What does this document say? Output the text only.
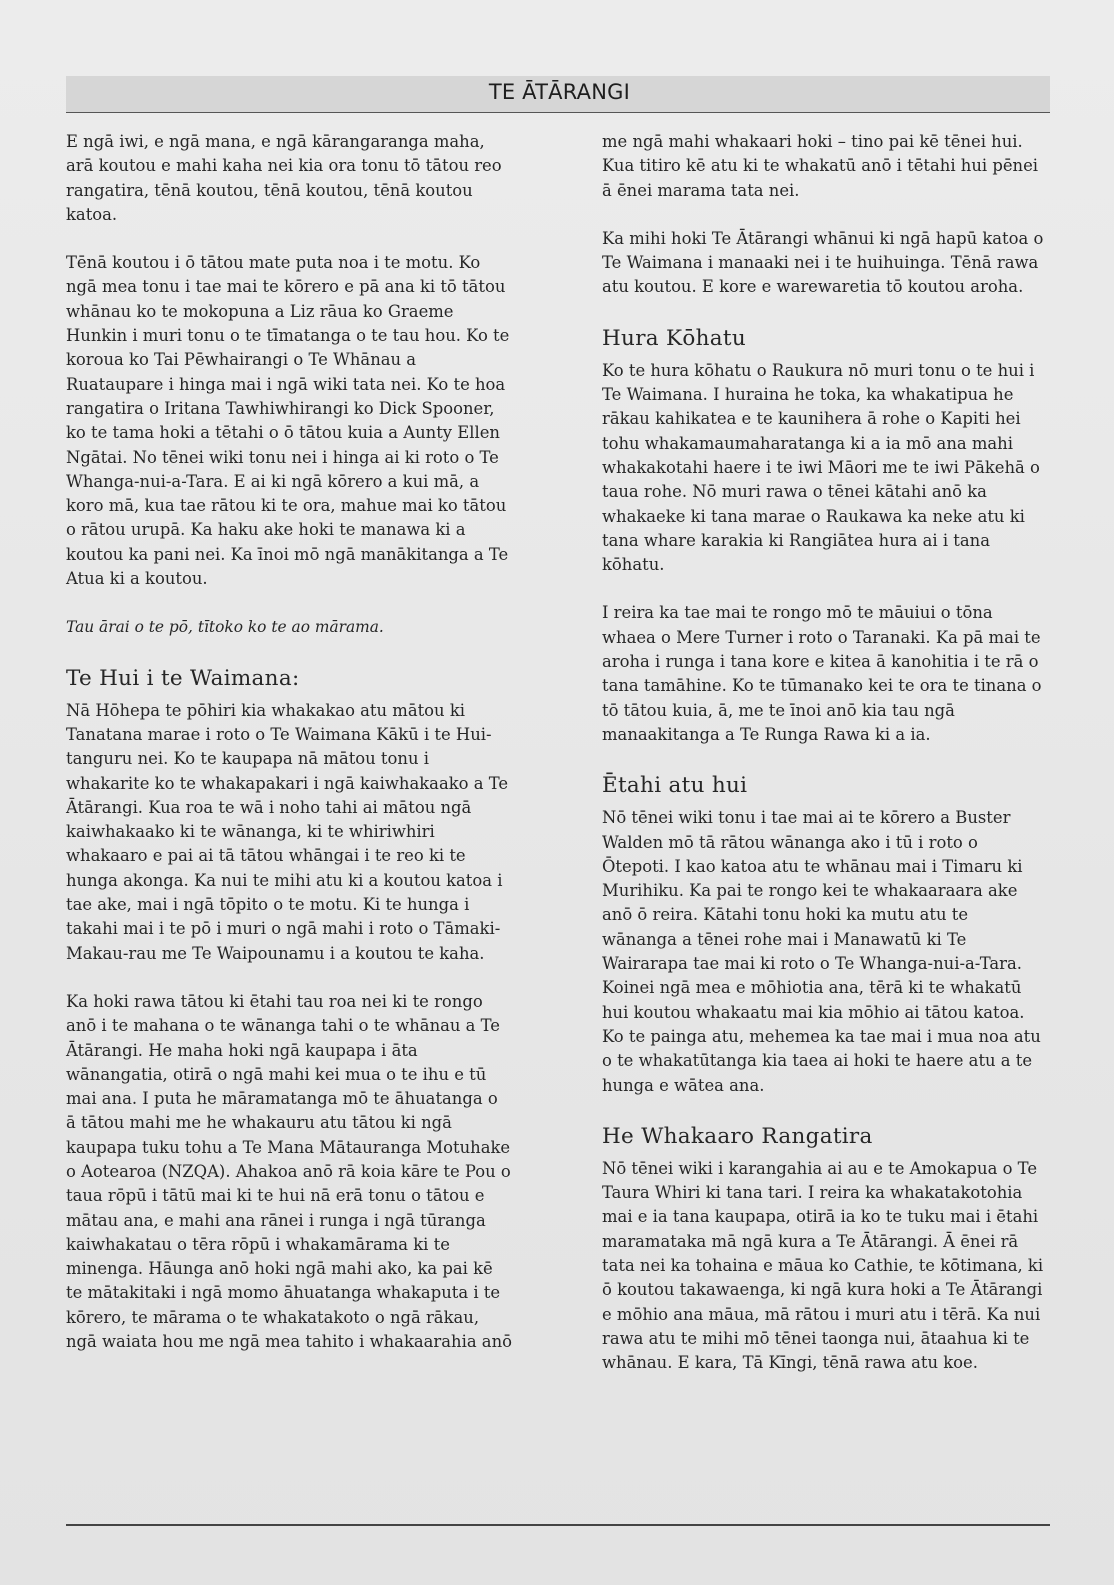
TE ĀTĀRANGI

E ngā iwi, e ngā mana, e ngā kārangaranga maha, arā koutou e mahi kaha nei kia ora tonu tō tātou reo rangatira, tēnā koutou, tēnā koutou, tēnā koutou katoa.

Tēnā koutou i ō tātou mate puta noa i te motu. Ko ngā mea tonu i tae mai te kōrero e pā ana ki tō tātou whānau ko te mokopuna a Liz rāua ko Graeme Hunkin i muri tonu o te tīmatanga o te tau hou. Ko te koroua ko Tai Pēwhairangi o Te Whānau a Ruataupare i hinga mai i ngā wiki tata nei. Ko te hoa rangatira o Iritana Tawhiwhirangi ko Dick Spooner, ko te tama hoki a tētahi o ō tātou kuia a Aunty Ellen Ngātai. No tēnei wiki tonu nei i hinga ai ki roto o Te Whanga-nui-a-Tara. E ai ki ngā kōrero a kui mā, a koro mā, kua tae rātou ki te ora, mahue mai ko tātou o rātou urupā. Ka haku ake hoki te manawa ki a koutou ka pani nei. Ka īnoi mō ngā manākitanga a Te Atua ki a koutou.

Tau ārai o te pō, tītoko ko te ao mārama.

Te Hui i te Waimana:

Nā Hōhepa te pōhiri kia whakakao atu mātou ki Tanatana marae i roto o Te Waimana Kākū i te Hui-tanguru nei. Ko te kaupapa nā mātou tonu i whakarite ko te whakapakari i ngā kaiwhakaako a Te Ātārangi. Kua roa te wā i noho tahi ai mātou ngā kaiwhakaako ki te wānanga, ki te whiriwhiri whakaaro e pai ai tā tātou whāngai i te reo ki te hunga akonga. Ka nui te mihi atu ki a koutou katoa i tae ake, mai i ngā tōpito o te motu. Ki te hunga i takahi mai i te pō i muri o ngā mahi i roto o Tāmaki-Makau-rau me Te Waipounamu i a koutou te kaha.

Ka hoki rawa tātou ki ētahi tau roa nei ki te rongo anō i te mahana o te wānanga tahi o te whānau a Te Ātārangi. He maha hoki ngā kaupapa i āta wānangatia, otirā o ngā mahi kei mua o te ihu e tū mai ana. I puta he māramatanga mō te āhuatanga o ā tātou mahi me he whakauru atu tātou ki ngā kaupapa tuku tohu a Te Mana Mātauranga Motuhake o Aotearoa (NZQA). Ahakoa anō rā koia kāre te Pou o taua rōpū i tātū mai ki te hui nā erā tonu o tātou e mātau ana, e mahi ana rānei i runga i ngā tūranga kaiwhakatau o tēra rōpū i whakamārama ki te minenga. Hāunga anō hoki ngā mahi ako, ka pai kē te mātakitaki i ngā momo āhuatanga whakaputa i te kōrero, te mārama o te whakatakoto o ngā rākau, ngā waiata hou me ngā mea tahito i whakaarahia anō

me ngā mahi whakaari hoki – tino pai kē tēnei hui. Kua titiro kē atu ki te whakatū anō i tētahi hui pēnei ā ēnei marama tata nei.

Ka mihi hoki Te Ātārangi whānui ki ngā hapū katoa o Te Waimana i manaaki nei i te huihuinga. Tēnā rawa atu koutou. E kore e warewaretia tō koutou aroha.

Hura Kōhatu

Ko te hura kōhatu o Raukura nō muri tonu o te hui i Te Waimana. I huraina he toka, ka whakatipua he rākau kahikatea e te kaunihera ā rohe o Kapiti hei tohu whakamaumaharatanga ki a ia mō ana mahi whakakotahi haere i te iwi Māori me te iwi Pākehā o taua rohe. Nō muri rawa o tēnei kātahi anō ka whakaeke ki tana marae o Raukawa ka neke atu ki tana whare karakia ki Rangiātea hura ai i tana kōhatu.

I reira ka tae mai te rongo mō te māuiui o tōna whaea o Mere Turner i roto o Taranaki. Ka pā mai te aroha i runga i tana kore e kitea ā kanohitia i te rā o tana tamāhine. Ko te tūmanako kei te ora te tinana o tō tātou kuia, ā, me te īnoi anō kia tau ngā manaakitanga a Te Runga Rawa ki a ia.

Ētahi atu hui

Nō tēnei wiki tonu i tae mai ai te kōrero a Buster Walden mō tā rātou wānanga ako i tū i roto o Ōtepoti. I kao katoa atu te whānau mai i Timaru ki Murihiku. Ka pai te rongo kei te whakaaraara ake anō ō reira. Kātahi tonu hoki ka mutu atu te wānanga a tēnei rohe mai i Manawatū ki Te Wairarapa tae mai ki roto o Te Whanga-nui-a-Tara. Koinei ngā mea e mōhiotia ana, tērā ki te whakatū hui koutou whakaatu mai kia mōhio ai tātou katoa. Ko te painga atu, mehemea ka tae mai i mua noa atu o te whakatūtanga kia taea ai hoki te haere atu a te hunga e wātea ana.

He Whakaaro Rangatira

Nō tēnei wiki i karangahia ai au e te Amokapua o Te Taura Whiri ki tana tari. I reira ka whakatakotohia mai e ia tana kaupapa, otirā ia ko te tuku mai i ētahi maramataka mā ngā kura a Te Ātārangi. Ā ēnei rā tata nei ka tohaina e māua ko Cathie, te kōtimana, ki ō koutou takawaenga, ki ngā kura hoki a Te Ātārangi e mōhio ana māua, mā rātou i muri atu i tērā. Ka nui rawa atu te mihi mō tēnei taonga nui, ātaahua ki te whānau. E kara, Tā Kīngi, tēnā rawa atu koe.
